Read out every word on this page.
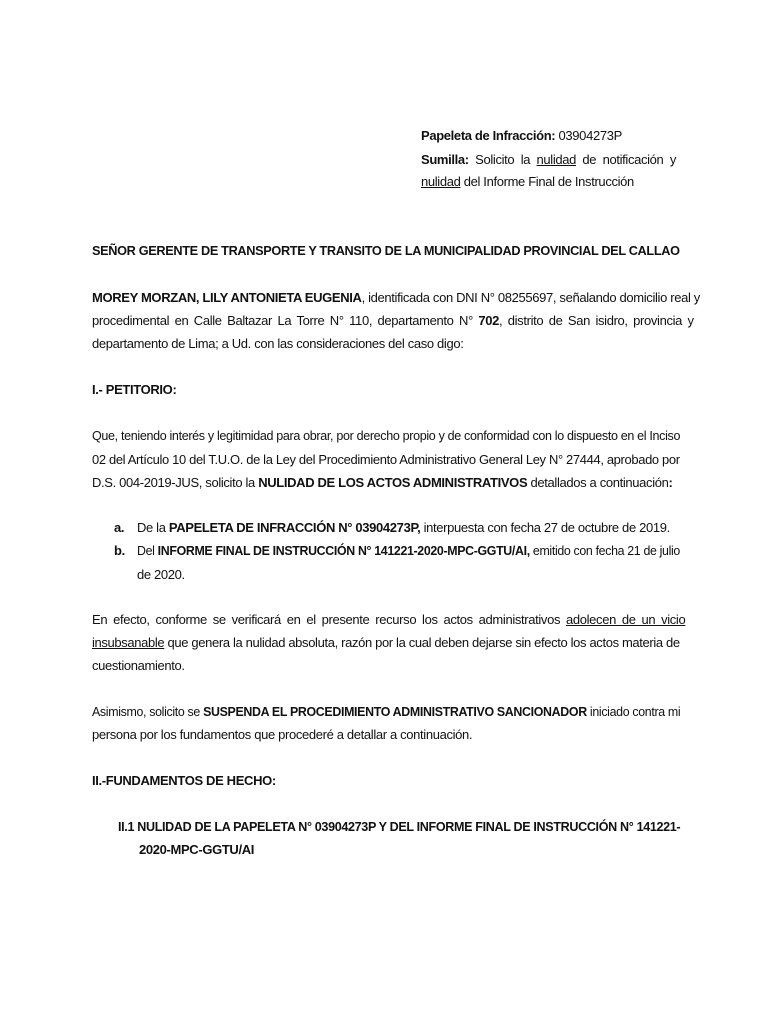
Papeleta de Infracción: 03904273P
Sumilla: Solicito la nulidad de notificación y
nulidad del Informe Final de Instrucción
SEÑOR GERENTE DE TRANSPORTE Y TRANSITO DE LA MUNICIPALIDAD PROVINCIAL DEL CALLAO
MOREY MORZAN, LILY ANTONIETA EUGENIA, identificada con DNI N° 08255697, señalando domicilio real y
procedimental en Calle Baltazar La Torre N° 110, departamento N° 702, distrito de San isidro, provincia y
departamento de Lima; a Ud. con las consideraciones del caso digo:
I.- PETITORIO:
Que, teniendo interés y legitimidad para obrar, por derecho propio y de conformidad con lo dispuesto en el Inciso
02 del Artículo 10 del T.U.O. de la Ley del Procedimiento Administrativo General Ley N° 27444, aprobado por
D.S. 004-2019-JUS, solicito la NULIDAD DE LOS ACTOS ADMINISTRATIVOS detallados a continuación:
a. De la PAPELETA DE INFRACCIÓN N° 03904273P, interpuesta con fecha 27 de octubre de 2019.
b. Del INFORME FINAL DE INSTRUCCIÓN N° 141221-2020-MPC-GGTU/AI, emitido con fecha 21 de julio
de 2020.
En efecto, conforme se verificará en el presente recurso los actos administrativos adolecen de un vicio
insubsanable que genera la nulidad absoluta, razón por la cual deben dejarse sin efecto los actos materia de
cuestionamiento.
Asimismo, solicito se SUSPENDA EL PROCEDIMIENTO ADMINISTRATIVO SANCIONADOR iniciado contra mi
persona por los fundamentos que procederé a detallar a continuación.
II.-FUNDAMENTOS DE HECHO:
II.1 NULIDAD DE LA PAPELETA N° 03904273P Y DEL INFORME FINAL DE INSTRUCCIÓN N° 141221-
2020-MPC-GGTU/AI
